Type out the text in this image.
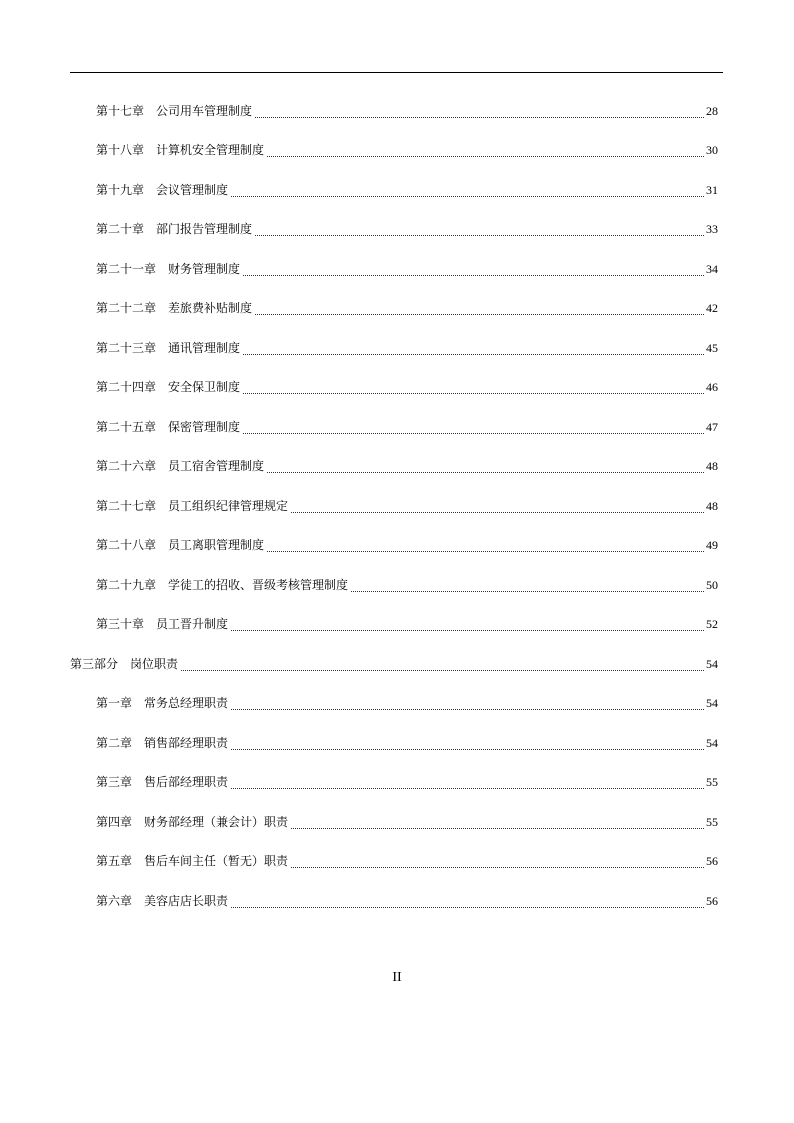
第十七章　公司用车管理制度	28
第十八章　计算机安全管理制度	30
第十九章　会议管理制度	31
第二十章　部门报告管理制度	33
第二十一章　财务管理制度	34
第二十二章　差旅费补贴制度	42
第二十三章　通讯管理制度	45
第二十四章　安全保卫制度	46
第二十五章　保密管理制度	47
第二十六章　员工宿舍管理制度	48
第二十七章　员工组织纪律管理规定	48
第二十八章　员工离职管理制度	49
第二十九章　学徒工的招收、晋级考核管理制度	50
第三十章　员工晋升制度	52
第三部分　岗位职责	54
第一章　常务总经理职责	54
第二章　销售部经理职责	54
第三章　售后部经理职责	55
第四章　财务部经理（兼会计）职责	55
第五章　售后车间主任（暂无）职责	56
第六章　美容店店长职责	56
II
